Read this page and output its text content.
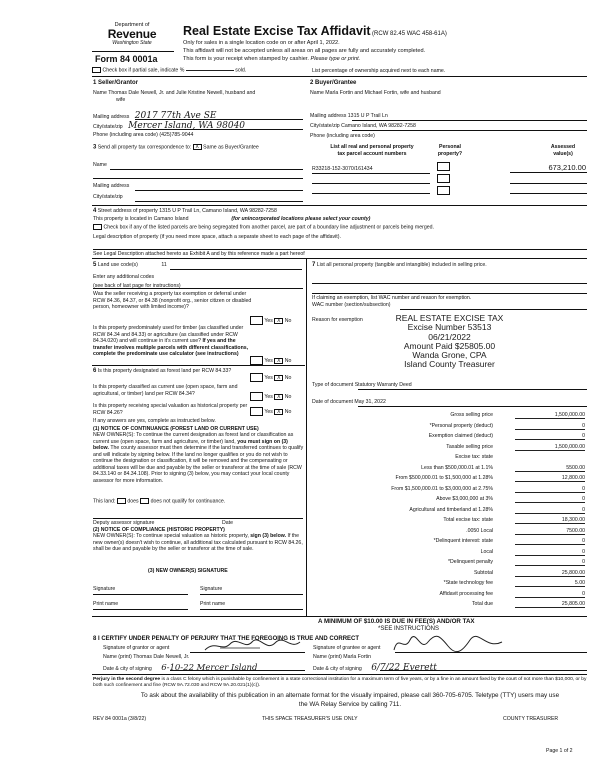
Department of
Revenue
Washington State
Form 84 0001a
Real Estate Excise Tax Affidavit (RCW 82.45 WAC 458-61A)
Only for sales in a single location code on or after April 1, 2022.
This affidavit will not be accepted unless all areas on all pages are fully and accurately completed.
This form is your receipt when stamped by cashier. Please type or print.
Check box if partial sale, indicate %	sold.	List percentage of ownership acquired next to each name.
1 Seller/Grantor
Name Thomas Dale Newell, Jr. and Julie Kristine Newell, husband and
wife
Mailing address 2017 77th Ave SE
City/state/zip Mercer Island, WA 98040
Phone (including area code) (425)785-9044
2 Buyer/Grantee
Name Marla Fortin and Michael Fortin, wife and husband
Mailing address 1315 U P Trail Ln
City/state/zip Camano Island, WA 98282-7258
Phone (including area code)
3 Send all property tax correspondence to: X Same as Buyer/Grantee
Name
Mailing address
City/state/zip
List all real and personal property
tax parcel account numbers
Personal
property?
Assessed
value(s)
R33218-152-3070/161434	673,210.00
4 Street address of property 1315 U P Trail Ln, Camano Island, WA 98282-7258
This property is located in Camano Island	(for unincorporated locations please select your county)
Check box if any of the listed parcels are being segregated from another parcel, are part of a boundary line adjustment or parcels being merged.
Legal description of property (if you need more space, attach a separate sheet to each page of the affidavit).
See Legal Description attached hereto as Exhibit A and by this reference made a part hereof
5 Land use code(s)	11
Enter any additional codes
(see back of last page for instructions)
Was the seller receiving a property tax exemption or deferral under RCW 84.36, 84.37, or 84.38 (nonprofit org., senior citizen or disabled person, homeowner with limited income)?
Yes X No
Is this property predominately used for timber (as classified under RCW 84.34 and 84.33) or agriculture (as classified under RCW 84.34.020) and will continue in it's current use? If yes and the transfer involves multiple parcels with different classifications, complete the predominate use calculator (see instructions)
Yes X No
6 Is this property designated as forest land per RCW 84.33?
Yes X No
Is this property classified as current use (open space, farm and agricultural, or timber) land per RCW 84.34?
Yes X No
Is this property receiving special valuation as historical property per RCW 84.26?	Yes X No
If any answers are yes, complete as instructed below.
(1) NOTICE OF CONTINUANCE (FOREST LAND OR CURRENT USE)
NEW OWNER(S): To continue the current designation as forest land or classification as current use (open space, farm and agriculture, or timber) land, you must sign on (3) below. The county assessor must then determine if the land transferred continues to qualify and will indicate by signing below. If the land no longer qualifies or you do not wish to continue the designation or classification, it will be removed and the compensating or additional taxes will be due and payable by the seller or transferor at the time of sale (RCW 84.33.140 or 84.34.108). Prior to signing (3) below, you may contact your local county assessor for more information.
This land: does does not qualify for continuance.
Deputy assessor signature	Date
(2) NOTICE OF COMPLIANCE (HISTORIC PROPERTY)
NEW OWNER(S): To continue special valuation as historic property, sign (3) below. If the new owner(s) doesn't wish to continue, all additional tax calculated pursuant to RCW 84.26, shall be due and payable by the seller or transferor at the time of sale.
(3) NEW OWNER(S) SIGNATURE
Signature	Signature
Print name	Print name
7 List all personal property (tangible and intangible) included in selling price.
If claiming an exemption, list WAC number and reason for exemption.
WAC number (section/subsection)
Reason for exemption	REAL ESTATE EXCISE TAX
Excise Number 53513
06/21/2022
Amount Paid $25805.00
Wanda Grone, CPA
Island County Treasurer
Type of document Statutory Warranty Deed
Date of document May 31, 2022
Gross selling price	1,500,000.00
*Personal property (deduct)	0
Exemption claimed (deduct)	0
Taxable selling price	1,500,000.00
Excise tax: state
Less than $500,000.01 at 1.1%	5500.00
From $500,000.01 to $1,500,000 at 1.28%	12,800.00
From $1,500,000.01 to $3,000,000 at 2.75%	0
Above $3,000,000 at 3%	0
Agricultural and timberland at 1.28%	0
Total excise tax: state	18,300.00
.0050 Local	7500.00
*Delinquent interest: state	0
Local	0
*Delinquent penalty	0
Subtotal	25,800.00
*State technology fee	5.00
Affidavit processing fee	0
Total due	25,805.00
A MINIMUM OF $10.00 IS DUE IN FEE(S) AND/OR TAX
*SEE INSTRUCTIONS
8 I CERTIFY UNDER PENALTY OF PERJURY THAT THE FOREGOING IS TRUE AND CORRECT
Signature of grantor or agent
Name (print) Thomas Dale Newell, Jr.
Date & city of signing 6-10-22 Mercer Island
Signature of grantee or agent
Name (print) Marla Fortin
Date & city of signing 6/7/22 Everett
Perjury in the second degree is a class C felony which is punishable by confinement in a state correctional institution for a maximum term of five years, or by a fine in an amount fixed by the court of not more than $10,000, or by both such confinement and fine (RCW 9A.72.030 and RCW 9A.20.021(1)(c)).
To ask about the availability of this publication in an alternate format for the visually impaired, please call 360-705-6705. Teletype (TTY) users may use the WA Relay Service by calling 711.
REV 84 0001a (3/8/22)	THIS SPACE TREASURER'S USE ONLY	COUNTY TREASURER
Page 1 of 2
